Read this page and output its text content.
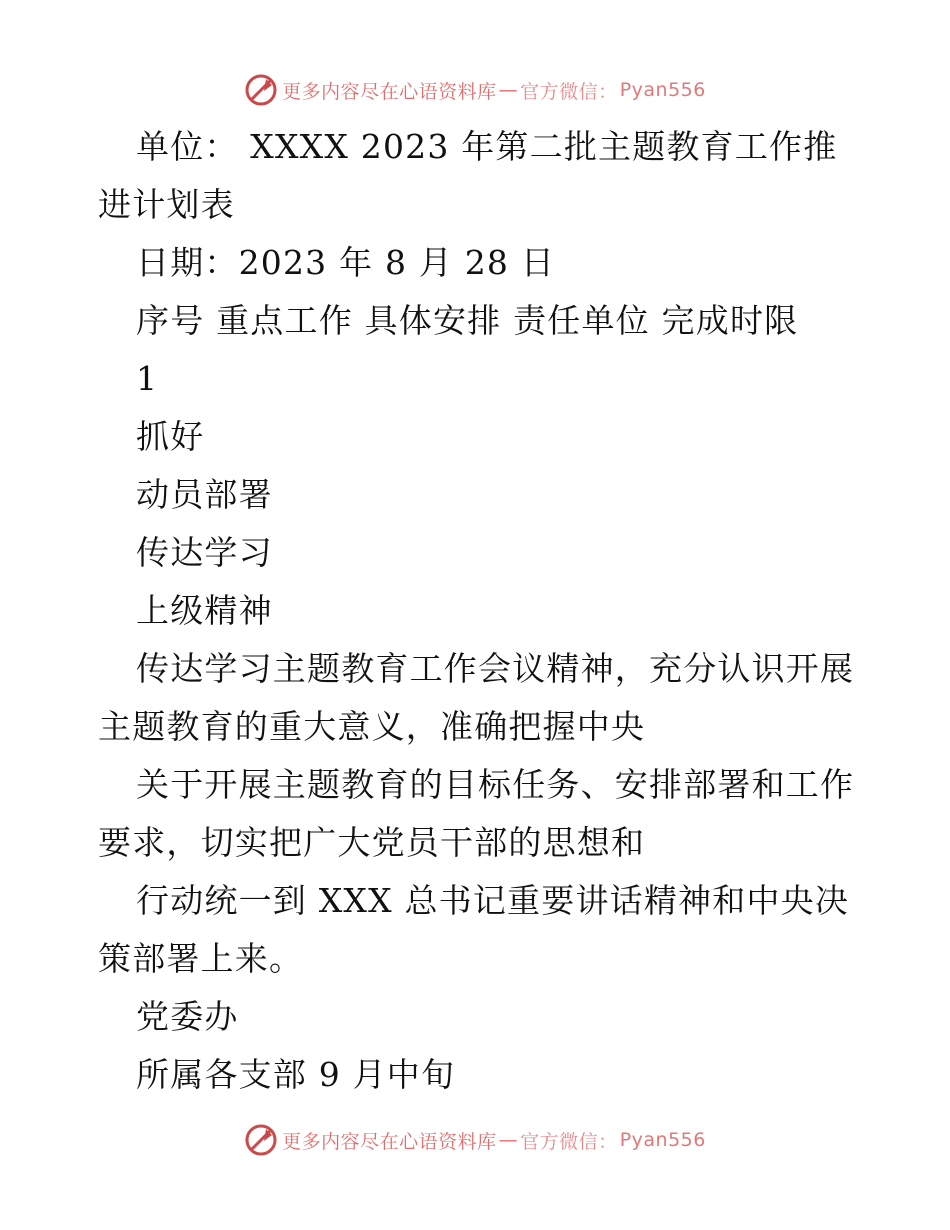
更多内容尽在心语资料库 — 官方微信： Pyan556
单位： XXXX 2023 年第二批主题教育工作推进计划表
日期：2023 年 8 月 28 日
序号 重点工作 具体安排 责任单位 完成时限
1
抓好
动员部署
传达学习
上级精神
传达学习主题教育工作会议精神，充分认识开展主题教育的重大意义，准确把握中央
关于开展主题教育的目标任务、安排部署和工作要求，切实把广大党员干部的思想和
行动统一到 XXX 总书记重要讲话精神和中央决策部署上来。
党委办
所属各支部 9 月中旬
更多内容尽在心语资料库 — 官方微信： Pyan556
